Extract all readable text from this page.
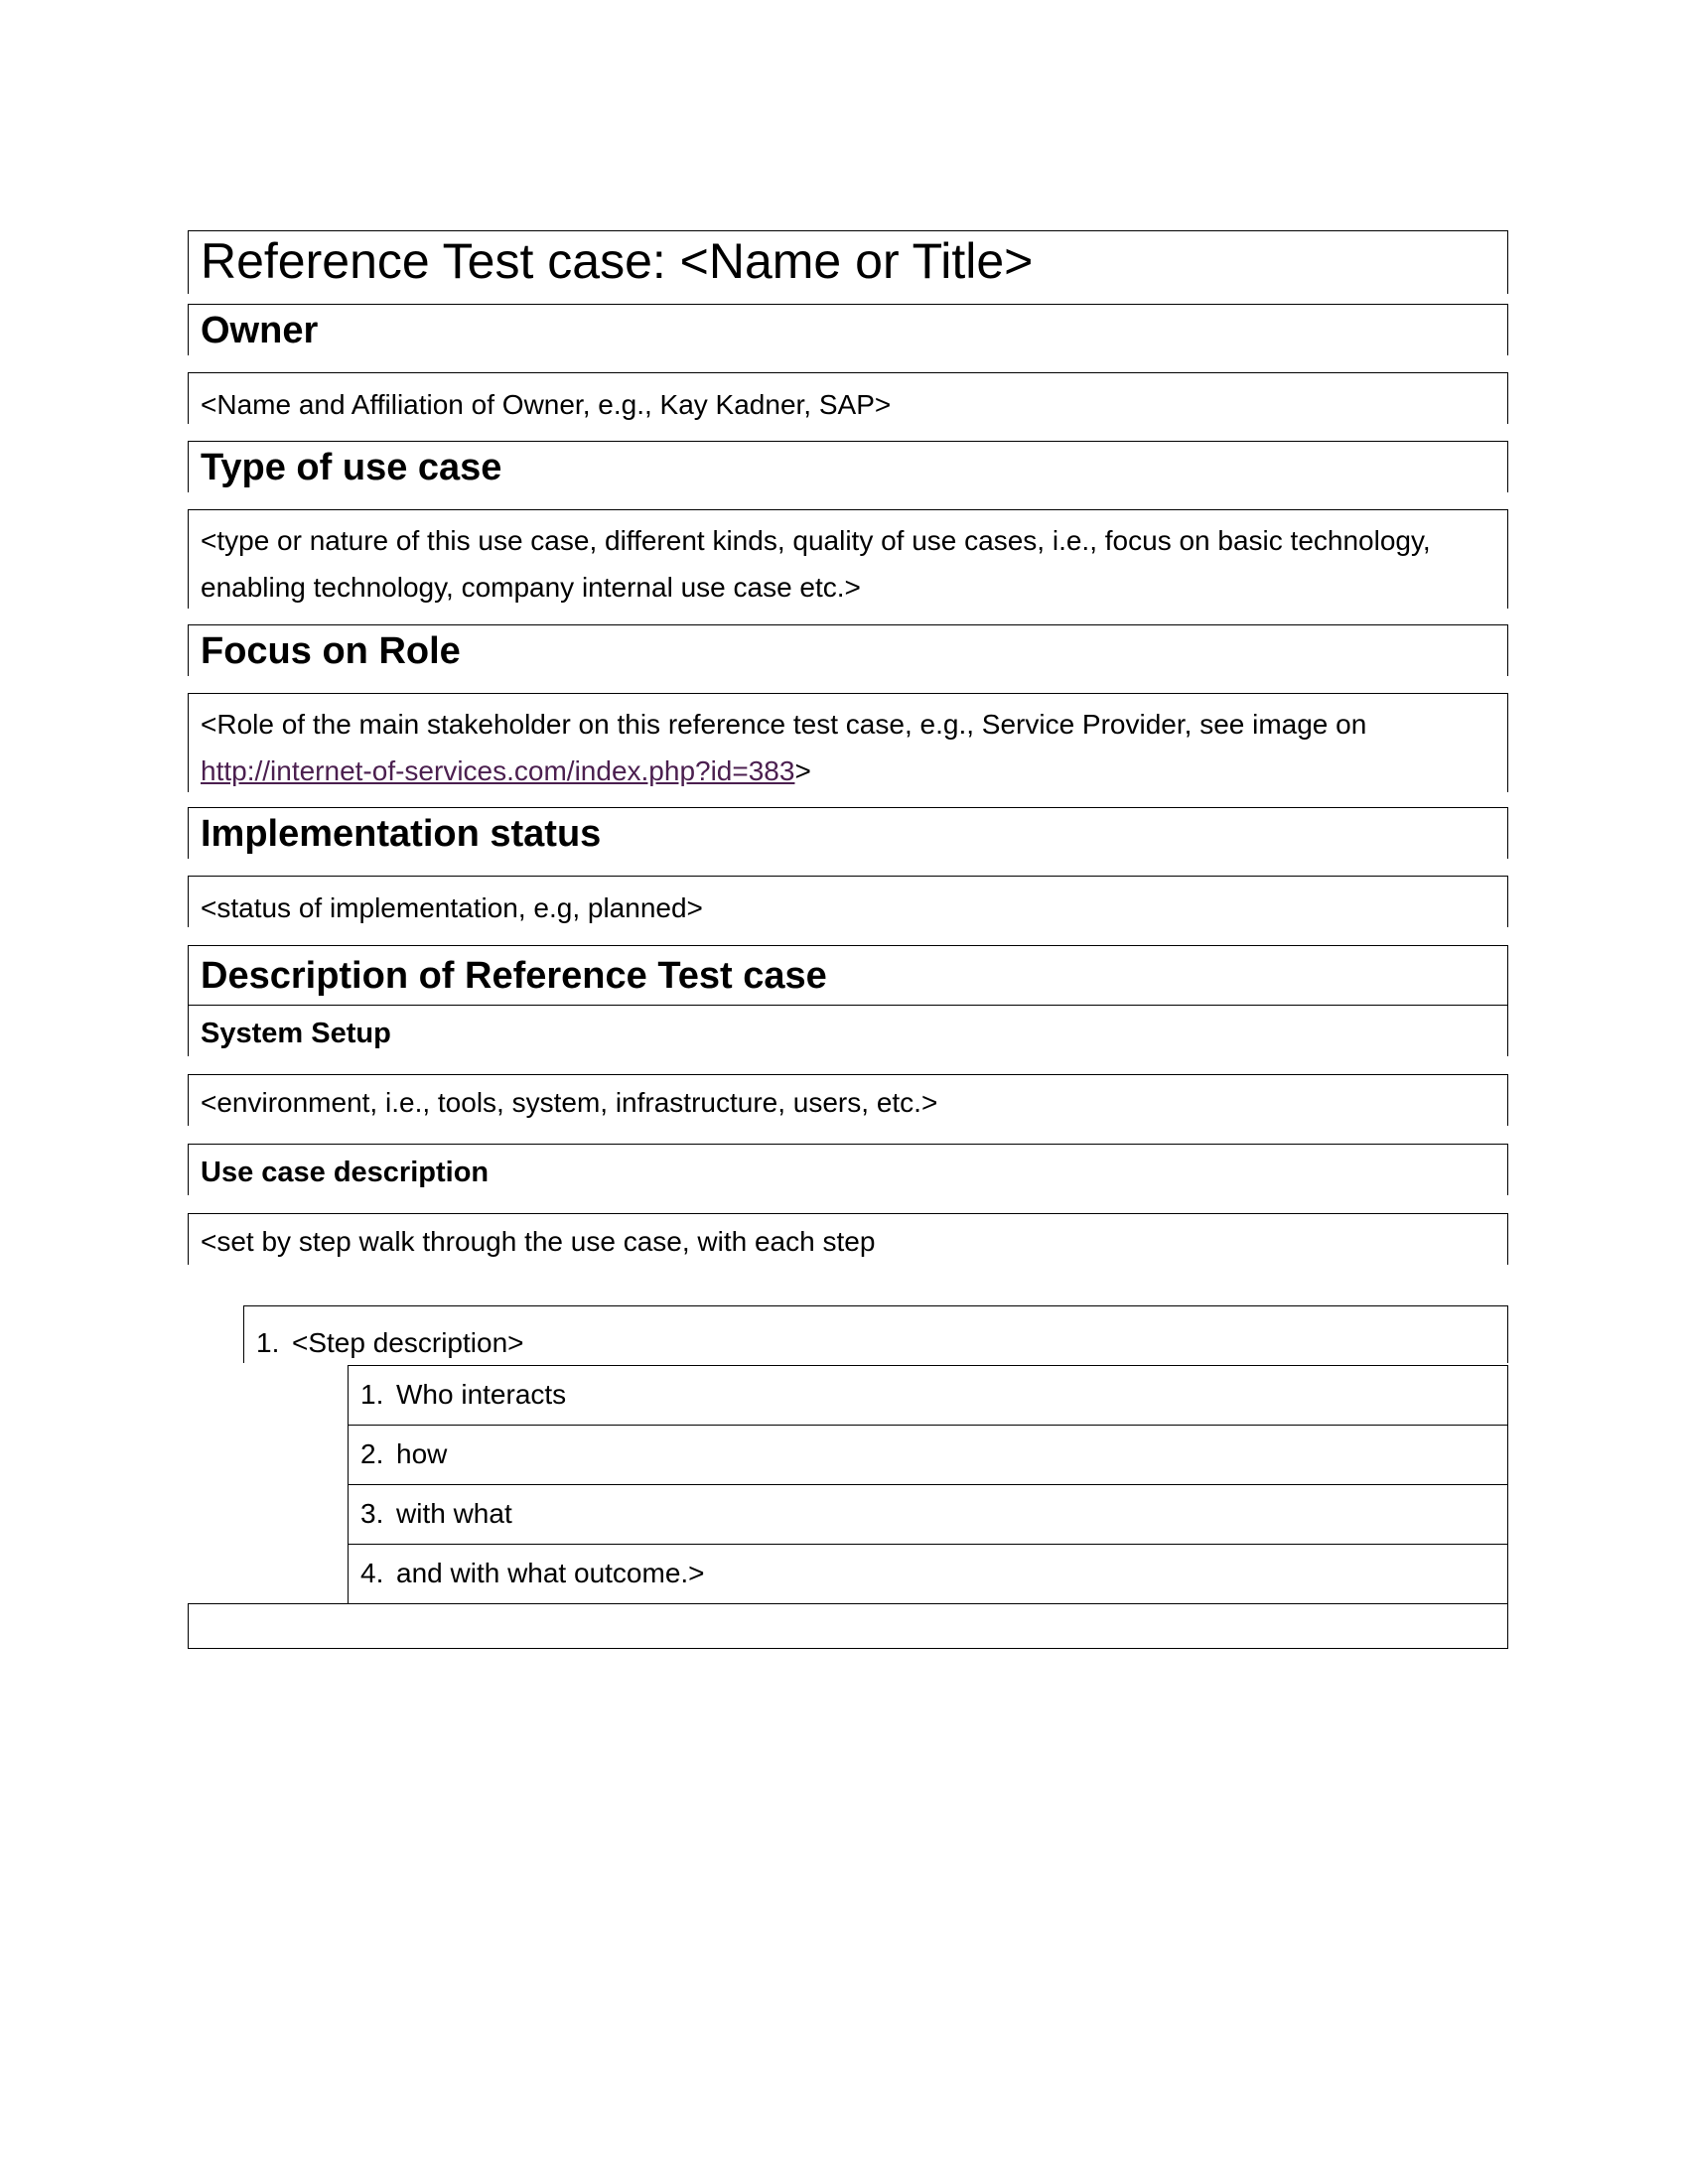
Reference Test case: <Name or Title>
Owner
<Name and Affiliation of Owner, e.g., Kay Kadner, SAP>
Type of use case
<type or nature of this use case, different kinds, quality of use cases, i.e., focus on basic technology, enabling technology, company internal use case etc.>
Focus on Role
<Role of the main stakeholder on this reference test case, e.g., Service Provider, see image on http://internet-of-services.com/index.php?id=383>
Implementation status
<status of implementation, e.g, planned>
Description of Reference Test case
System Setup
<environment, i.e., tools, system, infrastructure, users, etc.>
Use case description
<set by step walk through the use case, with each step
1. <Step description>
1. Who interacts
2. how
3. with what
4. and with what outcome.>
